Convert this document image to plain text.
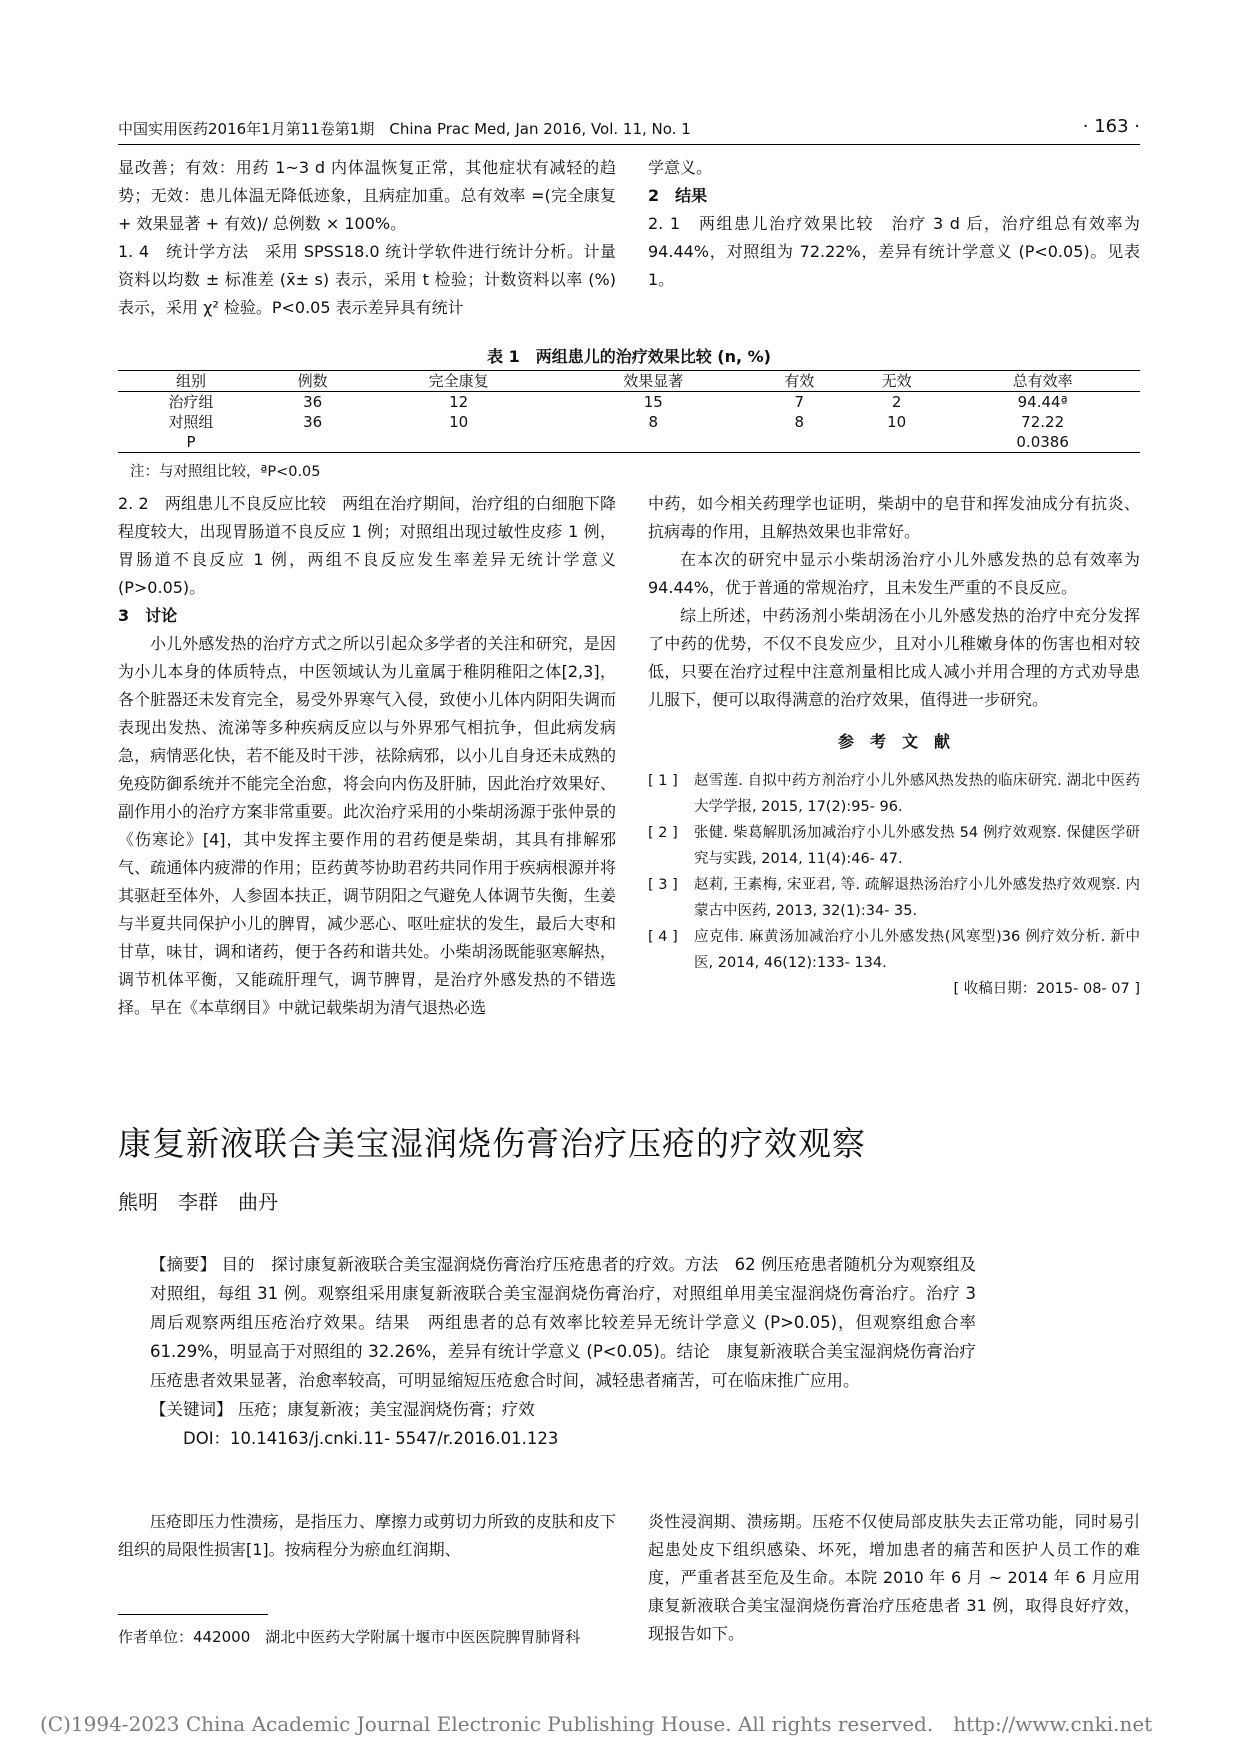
中国实用医药2016年1月第11卷第1期　China Prac Med, Jan 2016, Vol. 11, No. 1	· 163 ·

显改善；有效：用药 1~3 d 内体温恢复正常，其他症状有减轻的趋势；无效：患儿体温无降低迹象，且病症加重。总有效率 =(完全康复 + 效果显著 + 有效)/ 总例数 × 100%。

1. 4　统计学方法　采用 SPSS18.0 统计学软件进行统计分析。计量资料以均数 ± 标准差 (x̄± s) 表示，采用 t 检验；计数资料以率 (%) 表示，采用 χ² 检验。P<0.05 表示差异具有统计

学意义。

2　结果

2. 1　两组患儿治疗效果比较　治疗 3 d 后，治疗组总有效率为 94.44%，对照组为 72.22%，差异有统计学意义 (P<0.05)。见表 1。

表 1　两组患儿的治疗效果比较 (n, %)
组别	例数	完全康复	效果显著	有效	无效	总有效率
治疗组	36	12	15	7	2	94.44ª
对照组	36	10	8	8	10	72.22
P						0.0386
注：与对照组比较，ªP<0.05

2. 2　两组患儿不良反应比较　两组在治疗期间，治疗组的白细胞下降程度较大，出现胃肠道不良反应 1 例；对照组出现过敏性皮疹 1 例，胃肠道不良反应 1 例，两组不良反应发生率差异无统计学意义 (P>0.05)。

3　讨论

小儿外感发热的治疗方式之所以引起众多学者的关注和研究，是因为小儿本身的体质特点，中医领域认为儿童属于稚阴稚阳之体[2,3]，各个脏器还未发育完全，易受外界寒气入侵，致使小儿体内阴阳失调而表现出发热、流涕等多种疾病反应以与外界邪气相抗争，但此病发病急，病情恶化快，若不能及时干涉，祛除病邪，以小儿自身还未成熟的免疫防御系统并不能完全治愈，将会向内伤及肝肺，因此治疗效果好、副作用小的治疗方案非常重要。此次治疗采用的小柴胡汤源于张仲景的《伤寒论》[4]，其中发挥主要作用的君药便是柴胡，其具有排解邪气、疏通体内疲滞的作用；臣药黄芩协助君药共同作用于疾病根源并将其驱赶至体外，人参固本扶正，调节阴阳之气避免人体调节失衡，生姜与半夏共同保护小儿的脾胃，减少恶心、呕吐症状的发生，最后大枣和甘草，味甘，调和诸药，便于各药和谐共处。小柴胡汤既能驱寒解热，调节机体平衡，又能疏肝理气，调节脾胃，是治疗外感发热的不错选择。早在《本草纲目》中就记载柴胡为清气退热必选

中药，如今相关药理学也证明，柴胡中的皂苷和挥发油成分有抗炎、抗病毒的作用，且解热效果也非常好。

在本次的研究中显示小柴胡汤治疗小儿外感发热的总有效率为 94.44%，优于普通的常规治疗，且未发生严重的不良反应。

综上所述，中药汤剂小柴胡汤在小儿外感发热的治疗中充分发挥了中药的优势，不仅不良发应少，且对小儿稚嫩身体的伤害也相对较低，只要在治疗过程中注意剂量相比成人减小并用合理的方式劝导患儿服下，便可以取得满意的治疗效果，值得进一步研究。

参　考　文　献

[ 1 ]	赵雪莲. 自拟中药方剂治疗小儿外感风热发热的临床研究. 湖北中医药大学学报, 2015, 17(2):95- 96.
[ 2 ]	张健. 柴葛解肌汤加减治疗小儿外感发热 54 例疗效观察. 保健医学研究与实践, 2014, 11(4):46- 47.
[ 3 ]	赵莉, 王素梅, 宋亚君, 等. 疏解退热汤治疗小儿外感发热疗效观察. 内蒙古中医药, 2013, 32(1):34- 35.
[ 4 ]	应克伟. 麻黄汤加减治疗小儿外感发热(风寒型)36 例疗效分析. 新中医, 2014, 46(12):133- 134.

[ 收稿日期：2015- 08- 07 ]

康复新液联合美宝湿润烧伤膏治疗压疮的疗效观察
熊明　李群　曲丹

【摘要】 目的　探讨康复新液联合美宝湿润烧伤膏治疗压疮患者的疗效。方法　62 例压疮患者随机分为观察组及对照组，每组 31 例。观察组采用康复新液联合美宝湿润烧伤膏治疗，对照组单用美宝湿润烧伤膏治疗。治疗 3 周后观察两组压疮治疗效果。结果　两组患者的总有效率比较差异无统计学意义 (P>0.05)，但观察组愈合率 61.29%，明显高于对照组的 32.26%，差异有统计学意义 (P<0.05)。结论　康复新液联合美宝湿润烧伤膏治疗压疮患者效果显著，治愈率较高，可明显缩短压疮愈合时间，减轻患者痛苦，可在临床推广应用。

【关键词】 压疮；康复新液；美宝湿润烧伤膏；疗效

DOI：10.14163/j.cnki.11- 5547/r.2016.01.123

压疮即压力性溃疡，是指压力、摩擦力或剪切力所致的皮肤和皮下组织的局限性损害[1]。按病程分为瘀血红润期、

作者单位：442000　湖北中医药大学附属十堰市中医医院脾胃肺肾科

炎性浸润期、溃疡期。压疮不仅使局部皮肤失去正常功能，同时易引起患处皮下组织感染、坏死，增加患者的痛苦和医护人员工作的难度，严重者甚至危及生命。本院 2010 年 6 月 ~ 2014 年 6 月应用康复新液联合美宝湿润烧伤膏治疗压疮患者 31 例，取得良好疗效，现报告如下。

(C)1994-2023 China Academic Journal Electronic Publishing House. All rights reserved.　http://www.cnki.net
